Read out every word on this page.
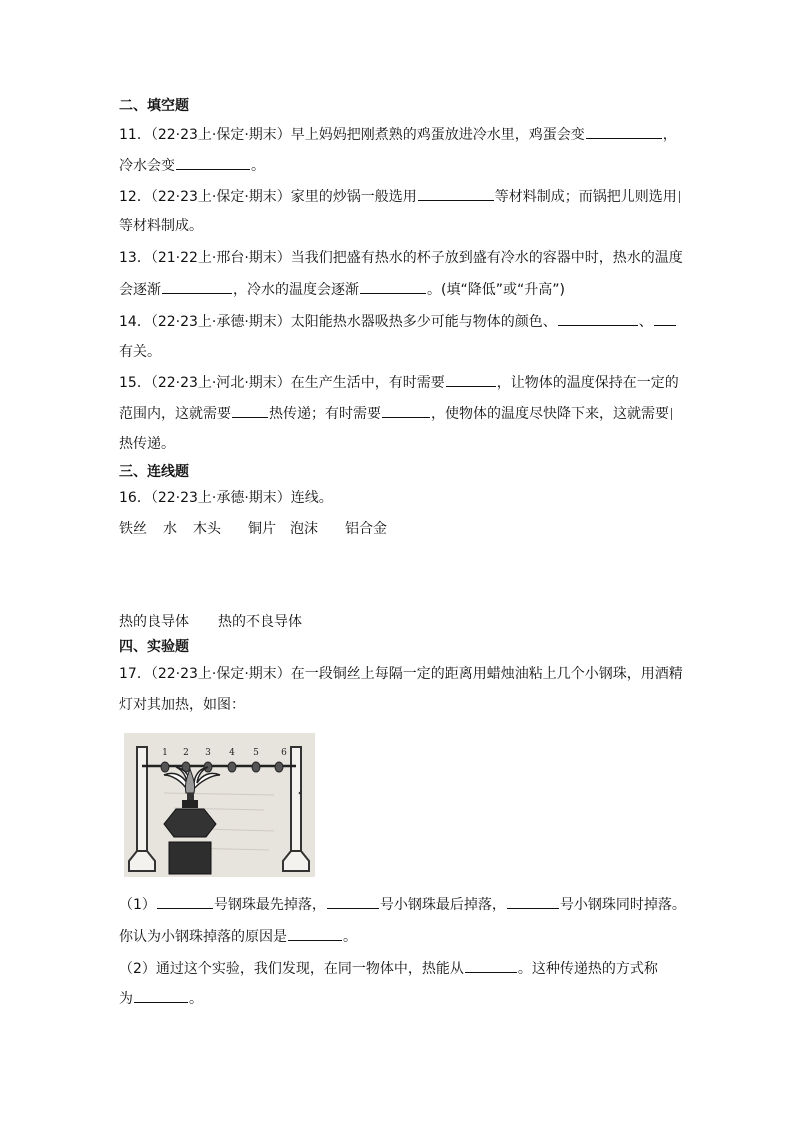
二、填空题
11．（22·23上·保定·期末）早上妈妈把刚煮熟的鸡蛋放进冷水里，鸡蛋会变	，
冷水会变	。
12．（22·23上·保定·期末）家里的炒锅一般选用	等材料制成；而锅把儿则选用
等材料制成。
13．（21·22上·邢台·期末）当我们把盛有热水的杯子放到盛有冷水的容器中时，热水的温度
会逐渐	，冷水的温度会逐渐	。(填“降低”或“升高”)
14．（22·23上·承德·期末）太阳能热水器吸热多少可能与物体的颜色、	、
有关。
15．（22·23上·河北·期末）在生产生活中，有时需要	，让物体的温度保持在一定的
范围内，这就需要	热传递；有时需要	，使物体的温度尽快降下来，这就需要
热传递。
三、连线题
16．（22·23上·承德·期末）连线。
铁丝 水 木头 铜片 泡沫 铝合金
热的良导体 热的不良导体
四、实验题
17．（22·23上·保定·期末）在一段铜丝上每隔一定的距离用蜡烛油粘上几个小钢珠，用酒精
灯对其加热，如图：
1 2 3 4 5 6
（1）	号钢珠最先掉落，	号小钢珠最后掉落，	号小钢珠同时掉落。
你认为小钢珠掉落的原因是	。
（2）通过这个实验，我们发现，在同一物体中，热能从	。这种传递热的方式称
为	。
